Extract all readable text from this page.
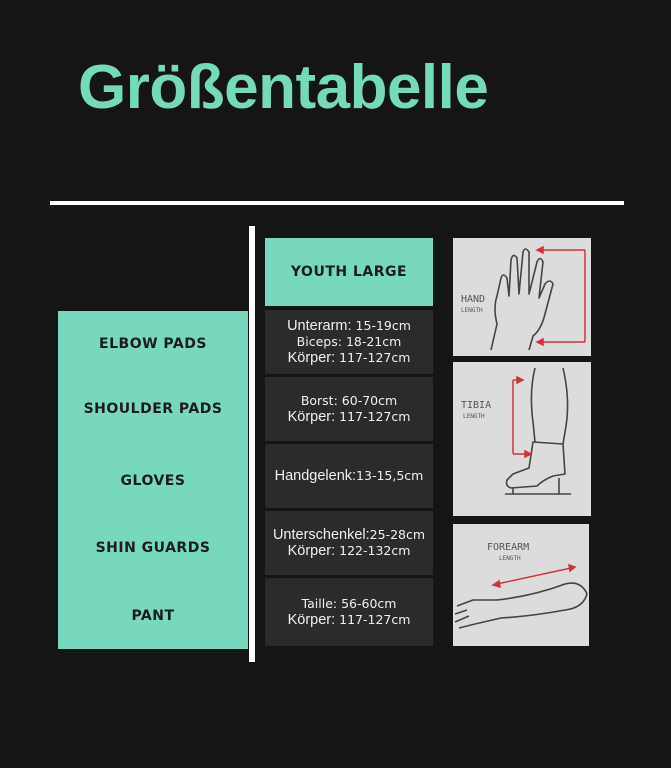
Größentabelle
ELBOW PADS
SHOULDER PADS
GLOVES
SHIN GUARDS
PANT
YOUTH LARGE
Unterarm: 15-19cm
Biceps: 18-21cm
Körper: 117-127cm
Borst: 60-70cm
Körper: 117-127cm
Handgelenk:13-15,5cm
Unterschenkel:25-28cm
Körper: 122-132cm
Taille: 56-60cm
Körper: 117-127cm
HAND
LENGTH
TIBIA
LENGTH
FOREARM
LENGTH
